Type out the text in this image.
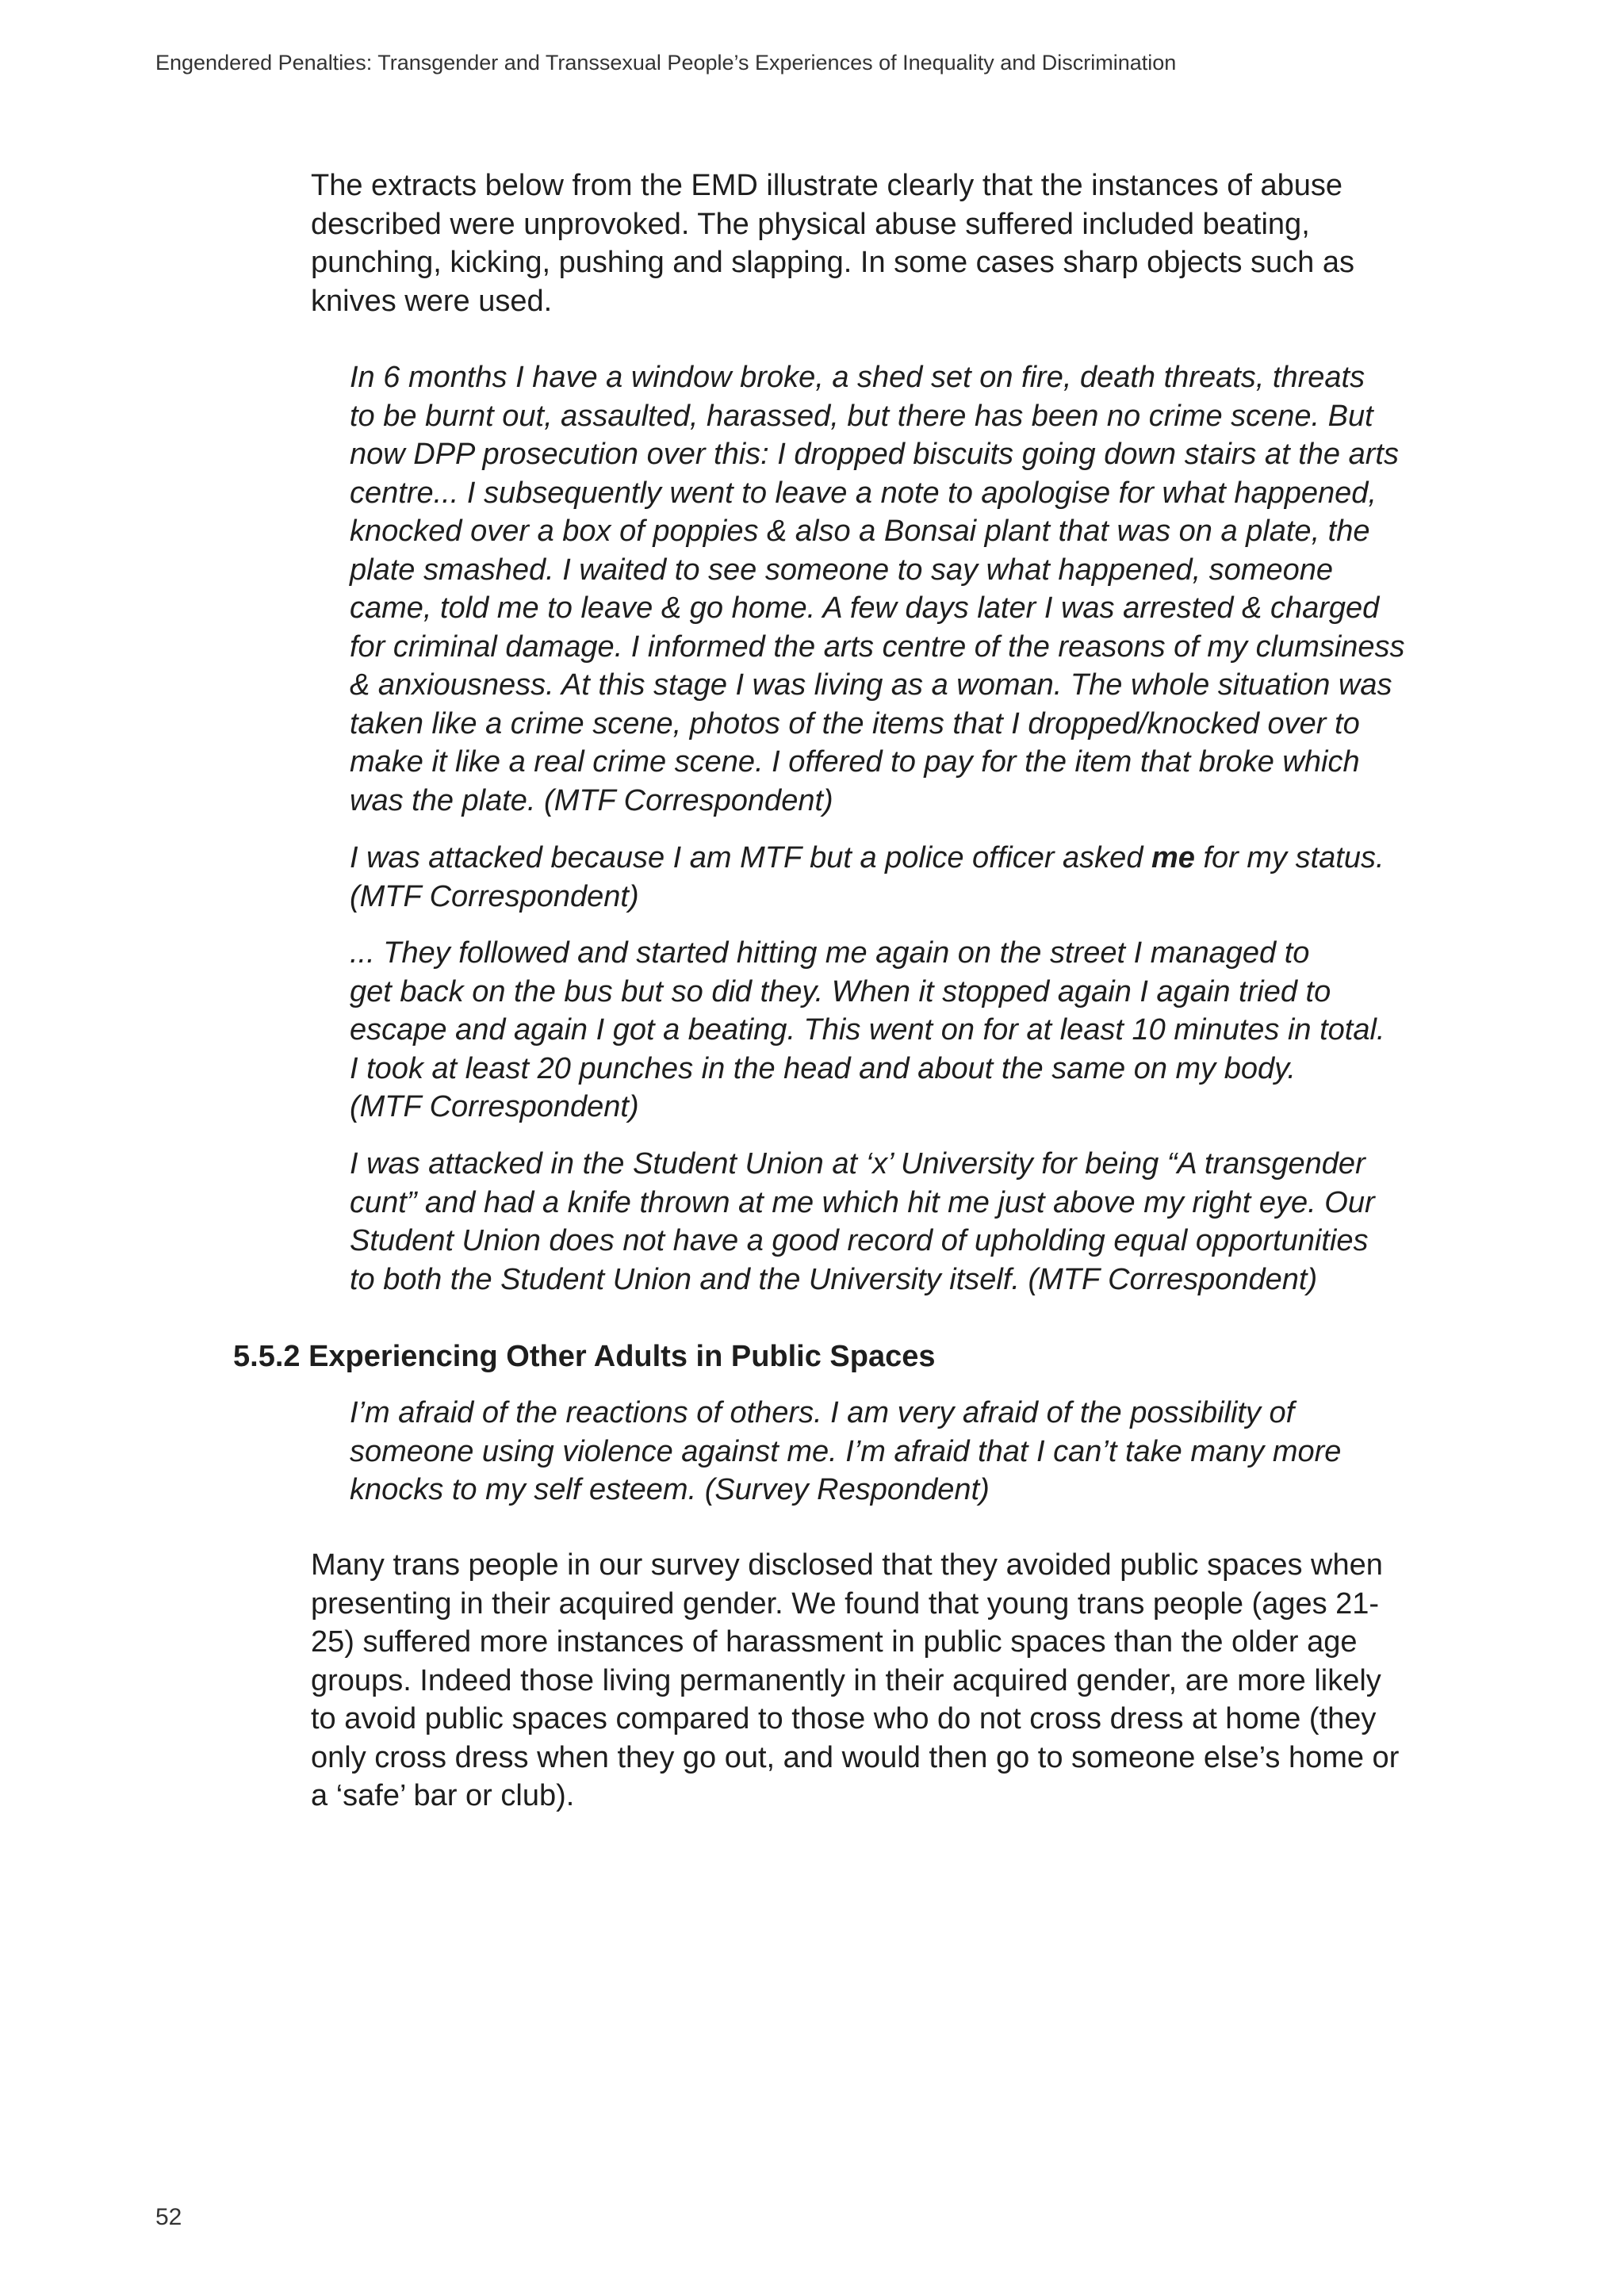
Engendered Penalties: Transgender and Transsexual People’s Experiences of Inequality and Discrimination

The extracts below from the EMD illustrate clearly that the instances of abuse
described were unprovoked. The physical abuse suffered included beating,
punching, kicking, pushing and slapping. In some cases sharp objects such as
knives were used.

In 6 months I have a window broke, a shed set on fire, death threats, threats
to be burnt out, assaulted, harassed, but there has been no crime scene. But
now DPP prosecution over this: I dropped biscuits going down stairs at the arts
centre... I subsequently went to leave a note to apologise for what happened,
knocked over a box of poppies & also a Bonsai plant that was on a plate, the
plate smashed. I waited to see someone to say what happened, someone
came, told me to leave & go home. A few days later I was arrested & charged
for criminal damage. I informed the arts centre of the reasons of my clumsiness
& anxiousness. At this stage I was living as a woman. The whole situation was
taken like a crime scene, photos of the items that I dropped/knocked over to
make it like a real crime scene. I offered to pay for the item that broke which
was the plate. (MTF Correspondent)

I was attacked because I am MTF but a police officer asked me for my status.
(MTF Correspondent)

... They followed and started hitting me again on the street I managed to
get back on the bus but so did they. When it stopped again I again tried to
escape and again I got a beating. This went on for at least 10 minutes in total.
I took at least 20 punches in the head and about the same on my body.
(MTF Correspondent)

I was attacked in the Student Union at ‘x’ University for being “A transgender
cunt” and had a knife thrown at me which hit me just above my right eye. Our
Student Union does not have a good record of upholding equal opportunities
to both the Student Union and the University itself. (MTF Correspondent)

5.5.2 Experiencing Other Adults in Public Spaces

I’m afraid of the reactions of others. I am very afraid of the possibility of
someone using violence against me. I’m afraid that I can’t take many more
knocks to my self esteem. (Survey Respondent)

Many trans people in our survey disclosed that they avoided public spaces when
presenting in their acquired gender. We found that young trans people (ages 21-
25) suffered more instances of harassment in public spaces than the older age
groups. Indeed those living permanently in their acquired gender, are more likely
to avoid public spaces compared to those who do not cross dress at home (they
only cross dress when they go out, and would then go to someone else’s home or
a ‘safe’ bar or club).

52
